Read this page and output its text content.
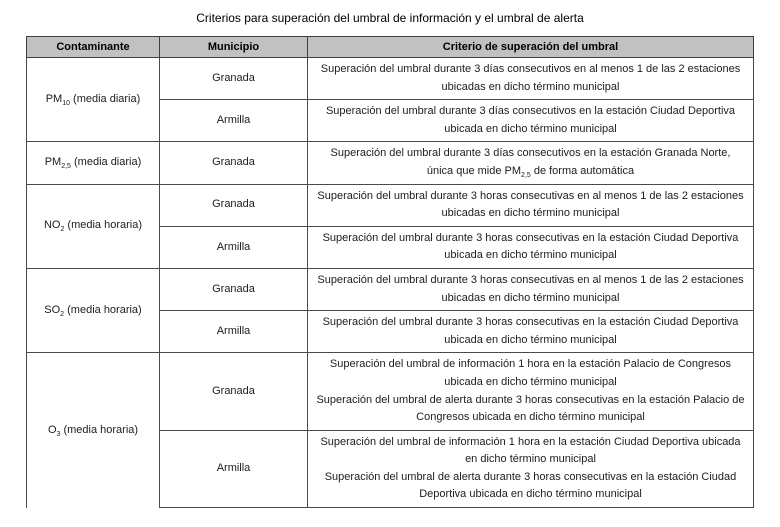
Criterios para superación del umbral de información y el umbral de alerta

Contaminante	Municipio	Criterio de superación del umbral
$PM_{10}$ (media diaria)	Granada	Superación del umbral durante 3 días consecutivos en al menos 1 de las 2 estaciones ubicadas en dicho término municipal

	Armilla	Superación del umbral durante 3 días consecutivos en la estación Ciudad Deportiva ubicada en dicho término municipal

$PM_{2,5}$ (media diaria)	Granada	Superación del umbral durante 3 días consecutivos en la estación Granada Norte, única que mide $PM_{2,5}$ de forma automática

$NO_2$ (media horaria)	Granada	Superación del umbral durante 3 horas consecutivas en al menos 1 de las 2 estaciones ubicadas en dicho término municipal

	Armilla	Superación del umbral durante 3 horas consecutivas en la estación Ciudad Deportiva ubicada en dicho término municipal

$SO_2$ (media horaria)	Granada	Superación del umbral durante 3 horas consecutivas en al menos 1 de las 2 estaciones ubicadas en dicho término municipal

	Armilla	Superación del umbral durante 3 horas consecutivas en la estación Ciudad Deportiva ubicada en dicho término municipal

$O_3$ (media horaria)	Granada	Superación del umbral de información 1 hora en la estación Palacio de Congresos ubicada en dicho término municipal
Superación del umbral de alerta durante 3 horas consecutivas en la estación Palacio de Congresos ubicada en dicho término municipal

	Armilla	Superación del umbral de información 1 hora en la estación Ciudad Deportiva ubicada en dicho término municipal
Superación del umbral de alerta durante 3 horas consecutivas en la estación Ciudad Deportiva ubicada en dicho término municipal
